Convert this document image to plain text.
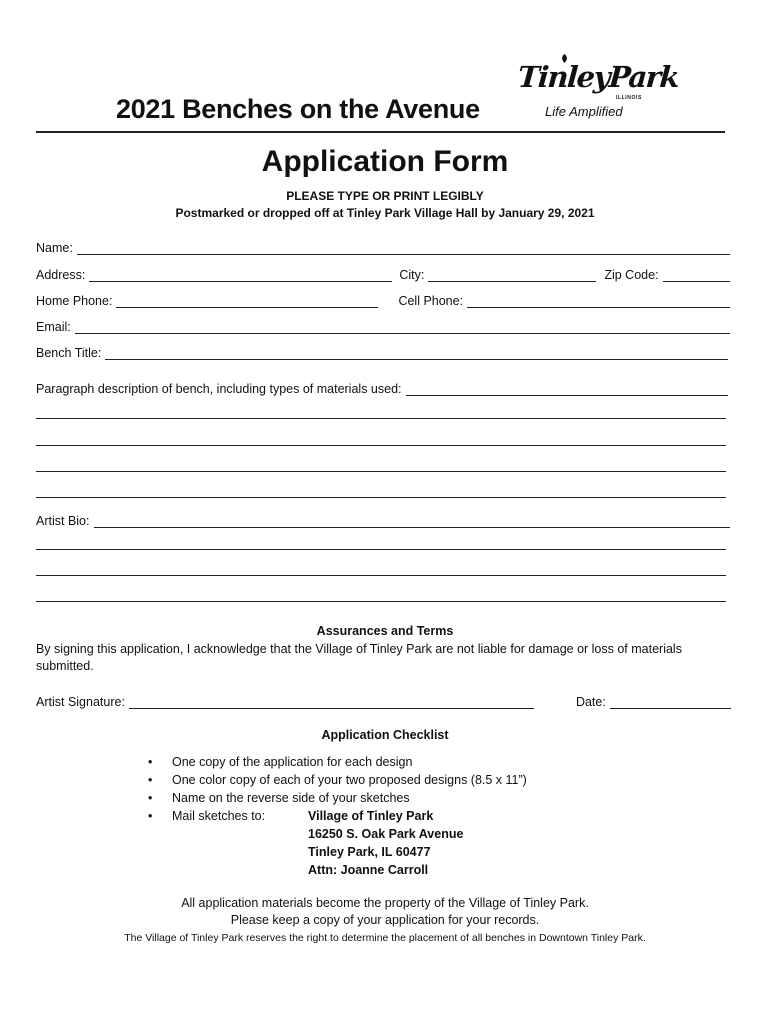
2021 Benches on the Avenue
TinleyPark
ILLINOIS
Life Amplified
Application Form
PLEASE TYPE OR PRINT LEGIBLY
Postmarked or dropped off at Tinley Park Village Hall by January 29, 2021
Name:
Address:	City:	Zip Code:
Home Phone:	Cell Phone:
Email:
Bench Title:
Paragraph description of bench, including types of materials used:
Artist Bio:
Assurances and Terms
By signing this application, I acknowledge that the Village of Tinley Park are not liable for damage or loss of materials submitted.
Artist Signature:	Date:
Application Checklist
• One copy of the application for each design
• One color copy of each of your two proposed designs (8.5 x 11”)
• Name on the reverse side of your sketches
• Mail sketches to:	Village of Tinley Park
16250 S. Oak Park Avenue
Tinley Park, IL 60477
Attn: Joanne Carroll
All application materials become the property of the Village of Tinley Park.
Please keep a copy of your application for your records.
The Village of Tinley Park reserves the right to determine the placement of all benches in Downtown Tinley Park.
